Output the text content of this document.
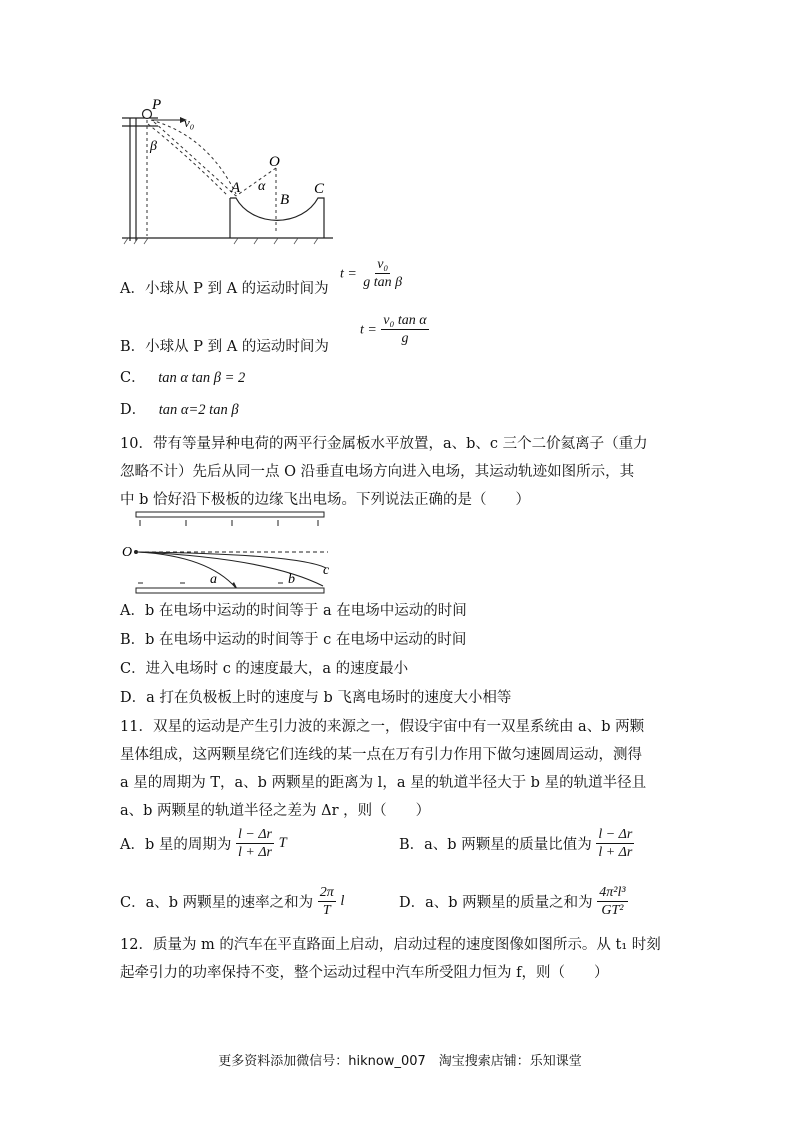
P
v₀
β
O
α
A
B
C
A．小球从 P 到 A 的运动时间为
$t = \frac{\text{v₀}}{\text{g tan β}}$
B．小球从 P 到 A 的运动时间为
$t = \frac{\text{v₀ tan α}}{g}$
C． tan α tan β = 2
D． tan α=2 tan β
10．带有等量异种电荷的两平行金属板水平放置，a、b、c 三个二价氦离子（重力
忽略不计）先后从同一点 O 沿垂直电场方向进入电场，其运动轨迹如图所示，其
中 b 恰好沿下极板的边缘飞出电场。下列说法正确的是（　　）
O
a	b
c
A．b 在电场中运动的时间等于 a 在电场中运动的时间
B．b 在电场中运动的时间等于 c 在电场中运动的时间
C．进入电场时 c 的速度最大，a 的速度最小
D．a 打在负极板上时的速度与 b 飞离电场时的速度大小相等
11．双星的运动是产生引力波的来源之一，假设宇宙中有一双星系统由 a、b 两颗
星体组成，这两颗星绕它们连线的某一点在万有引力作用下做匀速圆周运动，测得
a 星的周期为 T，a、b 两颗星的距离为 l，a 星的轨道半径大于 b 星的轨道半径且
a、b 两颗星的轨道半径之差为 Δr ，则（　　）
A．b 星的周期为 $\frac{l - \Delta r}{l + \Delta r}$ T	B．a、b 两颗星的质量比值为 $\frac{l - \Delta r}{l + \Delta r}$
C．a、b 两颗星的速率之和为 $\frac{2\pi}{T}$ l	D．a、b 两颗星的质量之和为 $\frac{\text{4π²l³}}{\text{GT²}}$
12．质量为 m 的汽车在平直路面上启动，启动过程的速度图像如图所示。从 t₁ 时刻
起牵引力的功率保持不变，整个运动过程中汽车所受阻力恒为 f，则（　　）
更多资料添加微信号：hiknow_007　淘宝搜索店铺：乐知课堂
